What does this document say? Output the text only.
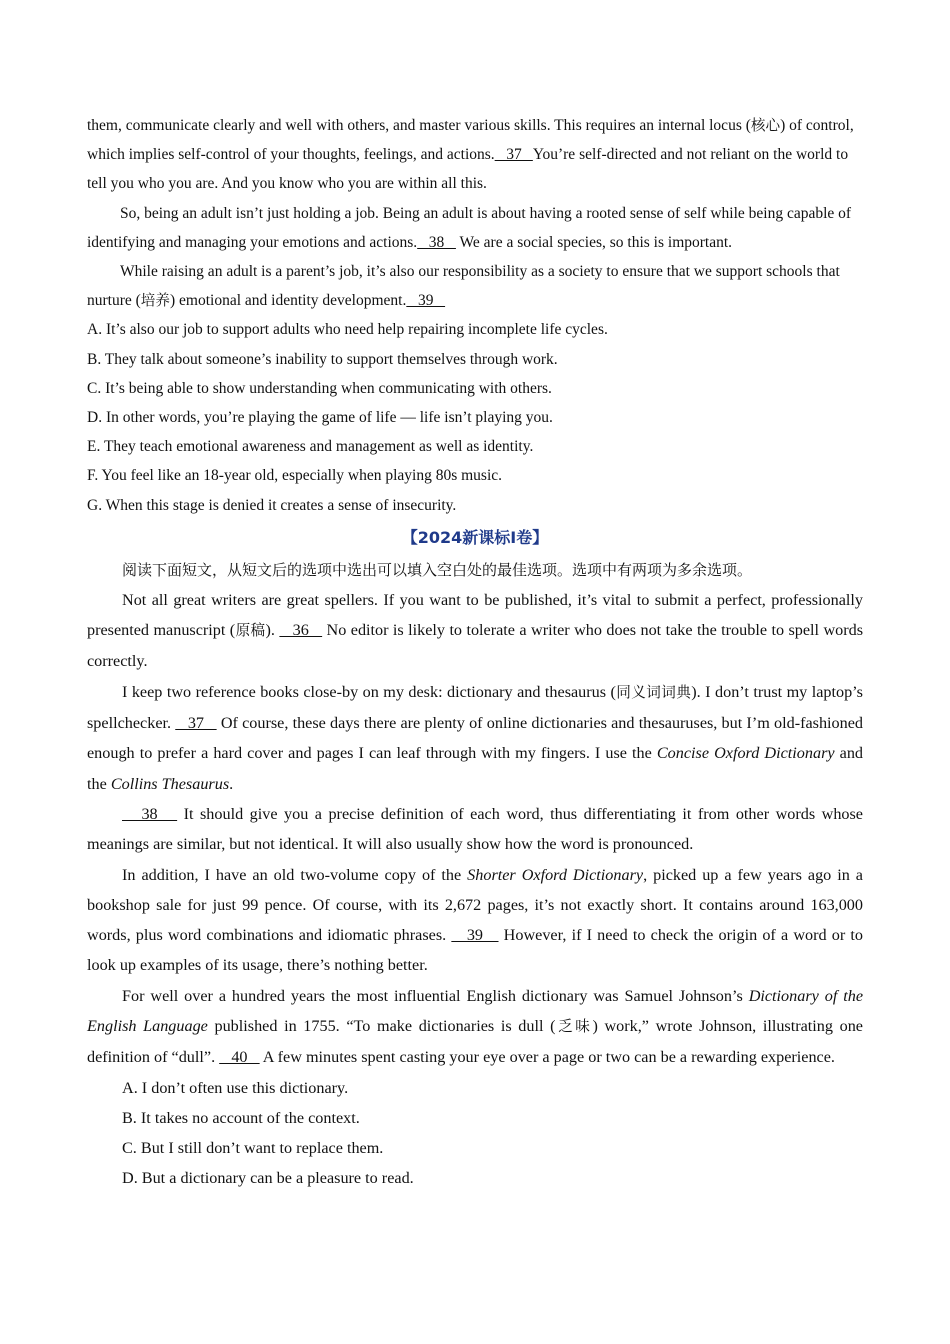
them, communicate clearly and well with others, and master various skills. This requires an internal locus (核心) of control, which implies self-control of your thoughts, feelings, and actions.   37   You’re self-directed and not reliant on the world to tell you who you are. And you know who you are within all this.

So, being an adult isn’t just holding a job. Being an adult is about having a rooted sense of self while being capable of identifying and managing your emotions and actions.   38    We are a social species, so this is important.

While raising an adult is a parent’s job, it’s also our responsibility as a society to ensure that we support schools that nurture (培养) emotional and identity development.   39

A. It’s also our job to support adults who need help repairing incomplete life cycles.

B. They talk about someone’s inability to support themselves through work.

C. It’s being able to show understanding when communicating with others.

D. In other words, you’re playing the game of life — life isn’t playing you.

E. They teach emotional awareness and management as well as identity.

F. You feel like an 18-year old, especially when playing 80s music.

G. When this stage is denied it creates a sense of insecurity.

【2024新课标I卷】

阅读下面短文，从短文后的选项中选出可以填入空白处的最佳选项。选项中有两项为多余选项。

Not all great writers are great spellers. If you want to be published, it’s vital to submit a perfect, professionally presented manuscript (原稿).    36    No editor is likely to tolerate a writer who does not take the trouble to spell words correctly.

I keep two reference books close-by on my desk: dictionary and thesaurus (同义词词典). I don’t trust my laptop’s spellchecker.    37    Of course, these days there are plenty of online dictionaries and thesauruses, but I’m old-fashioned enough to prefer a hard cover and pages I can leaf through with my fingers. I use the Concise Oxford Dictionary and the Collins Thesaurus.

38    It should give you a precise definition of each word, thus differentiating it from other words whose meanings are similar, but not identical. It will also usually show how the word is pronounced.

In addition, I have an old two-volume copy of the Shorter Oxford Dictionary, picked up a few years ago in a bookshop sale for just 99 pence. Of course, with its 2,672 pages, it’s not exactly short. It contains around 163,000 words, plus word combinations and idiomatic phrases.    39    However, if I need to check the origin of a word or to look up examples of its usage, there’s nothing better.

For well over a hundred years the most influential English dictionary was Samuel Johnson’s Dictionary of the English Language published in 1755. “To make dictionaries is dull (乏味) work,” wrote Johnson, illustrating one definition of “dull”.    40    A few minutes spent casting your eye over a page or two can be a rewarding experience.

A. I don’t often use this dictionary.

B. It takes no account of the context.

C. But I still don’t want to replace them.

D. But a dictionary can be a pleasure to read.
